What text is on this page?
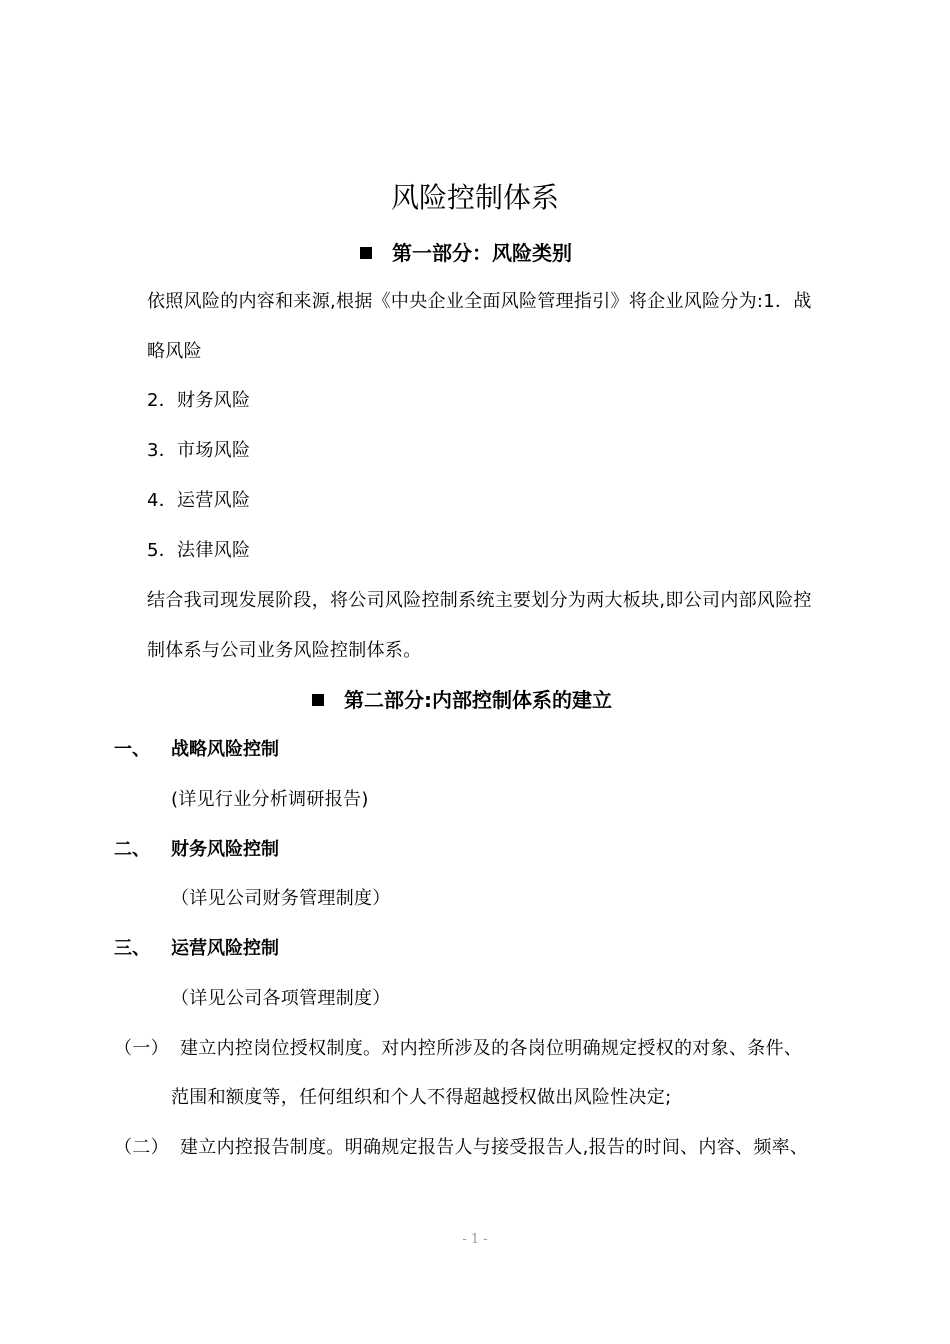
风险控制体系
第一部分：风险类别
依照风险的内容和来源,根据《中央企业全面风险管理指引》将企业风险分为:1．战
略风险
2．财务风险
3．市场风险
4．运营风险
5．法律风险
结合我司现发展阶段，将公司风险控制系统主要划分为两大板块,即公司内部风险控
制体系与公司业务风险控制体系。
第二部分:内部控制体系的建立
一、 战略风险控制
(详见行业分析调研报告)
二、 财务风险控制
（详见公司财务管理制度）
三、 运营风险控制
（详见公司各项管理制度）
（一） 建立内控岗位授权制度。对内控所涉及的各岗位明确规定授权的对象、条件、
范围和额度等，任何组织和个人不得超越授权做出风险性决定;
（二） 建立内控报告制度。明确规定报告人与接受报告人,报告的时间、内容、频率、
- 1 -
